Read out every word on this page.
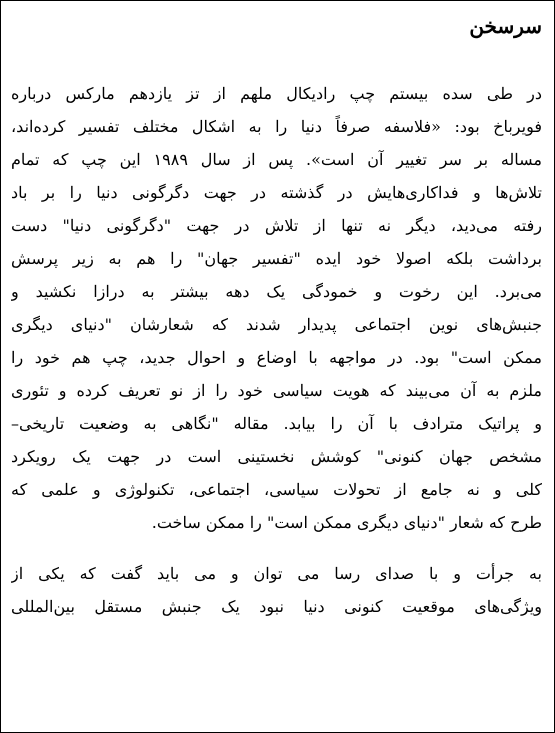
سرسخن
در طی سده بیستم چپ رادیکال ملهم از تز یازدهم مارکس درباره
فویرباخ بود: «فلاسفه صرفاً دنیا را به اشکال مختلف تفسیر کرده‌اند،
مساله بر سر تغییر آن است». پس از سال ۱۹۸۹ این چپ که تمام
تلاش‌ها و فداکاری‌هایش در گذشته در جهت دگرگونی دنیا را بر باد
رفته می‌دید، دیگر نه تنها از تلاش در جهت "دگرگونی دنیا" دست
برداشت بلکه اصولا خود ایده "تفسیر جهان" را هم به زیر پرسش
می‌برد. این رخوت و خمودگی یک دهه بیشتر به درازا نکشید و
جنبش‌های نوین اجتماعی پدیدار شدند که شعارشان "دنیای دیگری
ممکن است" بود. در مواجهه با اوضاع و احوال جدید، چپ هم خود را
ملزم به آن می‌بیند که هویت سیاسی خود را از نو تعریف کرده و تئوری
و پراتیک مترادف با آن را بیابد. مقاله "نگاهی به وضعیت تاریخی–
مشخص جهان کنونی" کوشش نخستینی است در جهت یک رویکرد
کلی و نه جامع از تحولات سیاسی، اجتماعی، تکنولوژی و علمی که
طرح که شعار "دنیای دیگری ممکن است" را ممکن ساخت.
به جرأت و با صدای رسا می توان و می باید گفت که یکی از
ویژگی‌های موقعیت کنونی دنیا نبود یک جنبش مستقل بین‌المللی
